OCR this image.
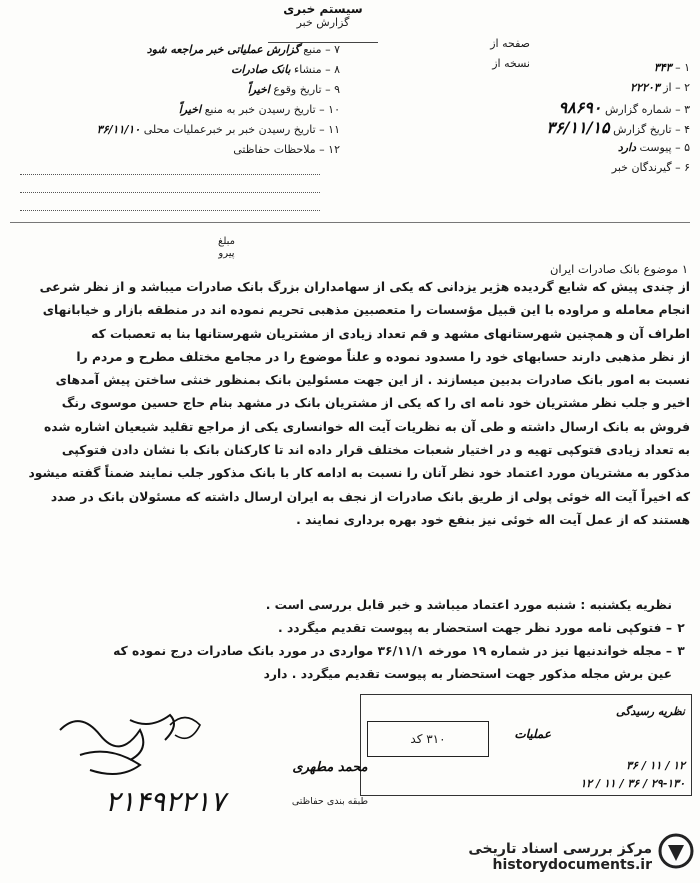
سیستم خبری
گزارش خبر
صفحه از
نسخه از
۷ – منبع گزارش عملیاتی خبر مراجعه شود
۸ – منشاء بانک صادرات
۹ – تاریخ وقوع اخیراً
۱۰ – تاریخ رسیدن خبر به منبع اخیراً
۱۱ – تاریخ رسیدن خبر بر خبرعملیات محلی ۳۶/۱۱/۱۰
۱۲ – ملاحظات حفاظتی
۱ – ۳۴۳
۲ – از ۲۲۲۰۳
۳ – شماره گزارش ۹۸۶۹۰
۴ – تاریخ گزارش ۳۶/۱۱/۱۵
۵ – پیوست دارد
۶ – گیرندگان خبر
مبلغ
پیرو
۱ موضوع بانک صادرات ایران

از چندی پیش که شایع گردیده هژیر یزدانی که یکی از سهامداران بزرگ بانک صادرات میباشد و از نظر شرعی

انجام معامله و مراوده با این قبیل مؤسسات را متعصبین مذهبی تحریم نموده اند در منطقه بازار و خیابانهای

اطراف آن و همچنین شهرستانهای مشهد و قم تعداد زیادی از مشتریان شهرستانها بنا به تعصبات که

از نظر مذهبی دارند حسابهای خود را مسدود نموده و علناً موضوع را در مجامع مختلف مطرح و مردم را

نسبت به امور بانک صادرات بدبین میسازند . از این جهت مسئولین بانک بمنظور خنثی ساختن پیش آمدهای

اخیر و جلب نظر مشتریان خود نامه ای را که یکی از مشتریان بانک در مشهد بنام حاج حسین موسوی رنگ

فروش به بانک ارسال داشته و طی آن به نظریات آیت اله خوانساری یکی از مراجع تقلید شیعیان اشاره شده

به تعداد زیادی فتوکپی تهیه و در اختیار شعبات مختلف قرار داده اند تا کارکنان بانک با نشان دادن فتوکپی

مذکور به مشتریان مورد اعتماد خود نظر آنان را نسبت به ادامه کار با بانک مذکور جلب نمایند ضمناً گفته میشود

که اخیراً آیت اله خوئی پولی از طریق بانک صادرات از نجف به ایران ارسال داشته که مسئولان بانک در صدد

هستند که از عمل آیت اله خوئی نیز بنفع خود بهره برداری نمایند .

نظریه یکشنبه : شنبه مورد اعتماد میباشد و خبر قابل بررسی است .
۲– فتوکپی نامه مورد نظر جهت استحضار به پیوست تقدیم میگردد .
۳– مجله خواندنیها نیز در شماره ۱۹ مورخه ۳۶/۱۱/۱ مواردی در مورد بانک صادرات درج نموده که
عین برش مجله مذکور جهت استحضار به پیوست تقدیم میگردد . دارد
نظریه رسیدگی
عملیات
۳۱۰ کد
۱۲ / ۱۱ / ۳۶
۲۹-۱۳۰ / ۳۶ / ۱۱ / ۱۲
۲۱۴۹۲۲۱۷
محمد مطهری
طبقه بندی حفاظتی
مرکز بررسی اسناد تاریخی
historydocuments.ir
